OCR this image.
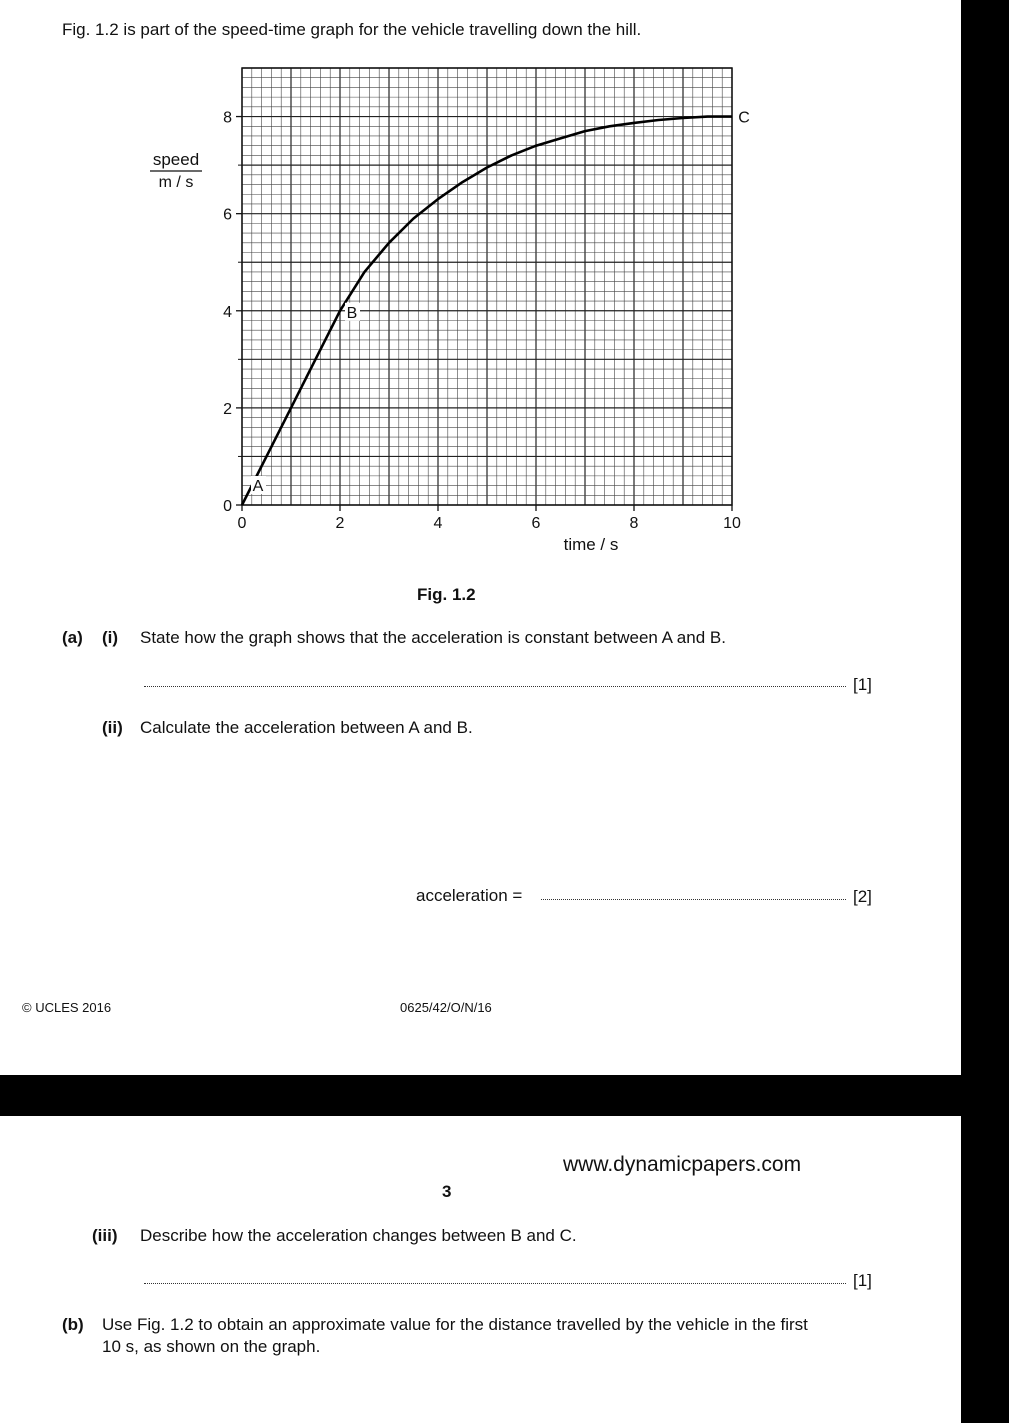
Fig. 1.2 is part of the speed-time graph for the vehicle travelling down the hill.
0	2	4	6	8	10
0
2
4
6
8
speed
m / s
time / s
A
B
C
Fig. 1.2
(a) (i) State how the graph shows that the acceleration is constant between A and B.
[1]
(ii) Calculate the acceleration between A and B.
acceleration =	[2]
© UCLES 2016	0625/42/O/N/16
www.dynamicpapers.com
3
(iii) Describe how the acceleration changes between B and C.
[1]
(b) Use Fig. 1.2 to obtain an approximate value for the distance travelled by the vehicle in the first
10 s, as shown on the graph.
